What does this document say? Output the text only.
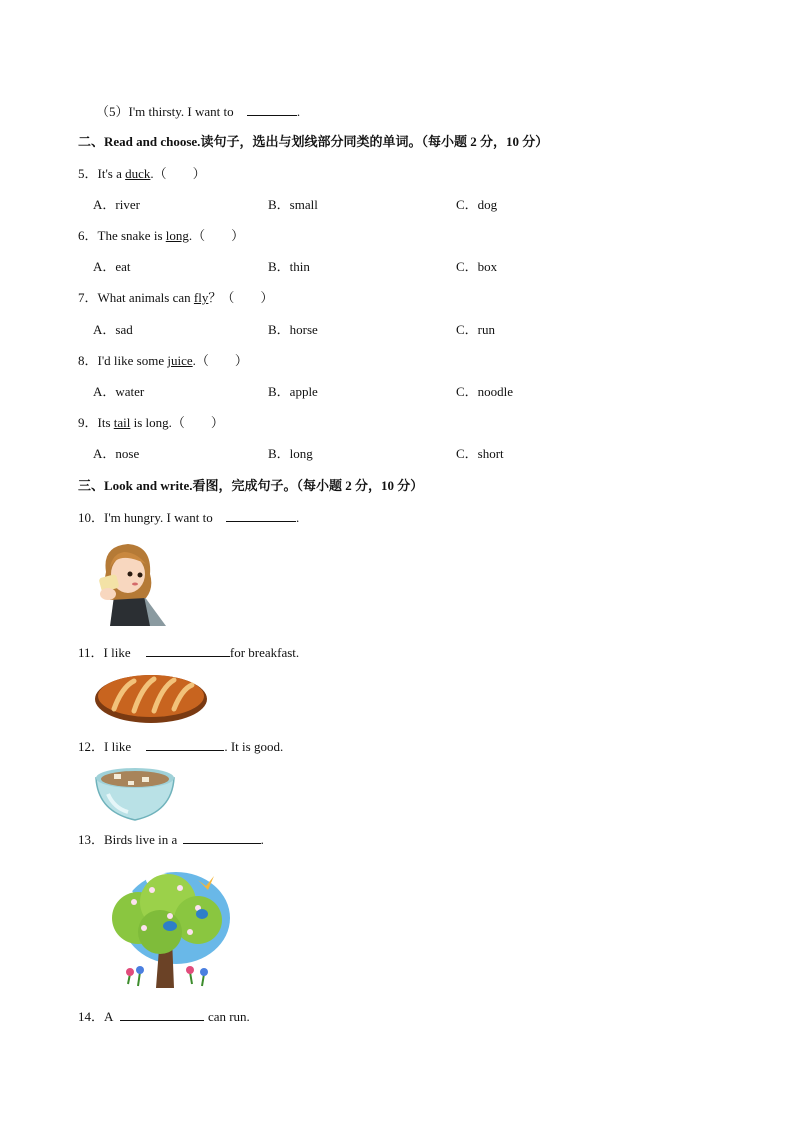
（5）I'm thirsty. I want to	.
二、Read and choose.读句子，选出与划线部分同类的单词。（每小题 2 分，10 分）
5．It's a duck.（　　）
A．river	B．small	C．dog
6．The snake is long.（　　）
A．eat	B．thin	C．box
7．What animals can fly？（　　）
A．sad	B．horse	C．run
8．I'd like some juice.（　　）
A．water	B．apple	C．noodle
9．Its tail is long.（　　）
A．nose	B．long	C．short
三、Look and write.看图，完成句子。（每小题 2 分，10 分）
10．I'm hungry. I want to	.
11．I like	for breakfast.
12．I like	. It is good.
13．Birds live in a	.
14．A	can run.
